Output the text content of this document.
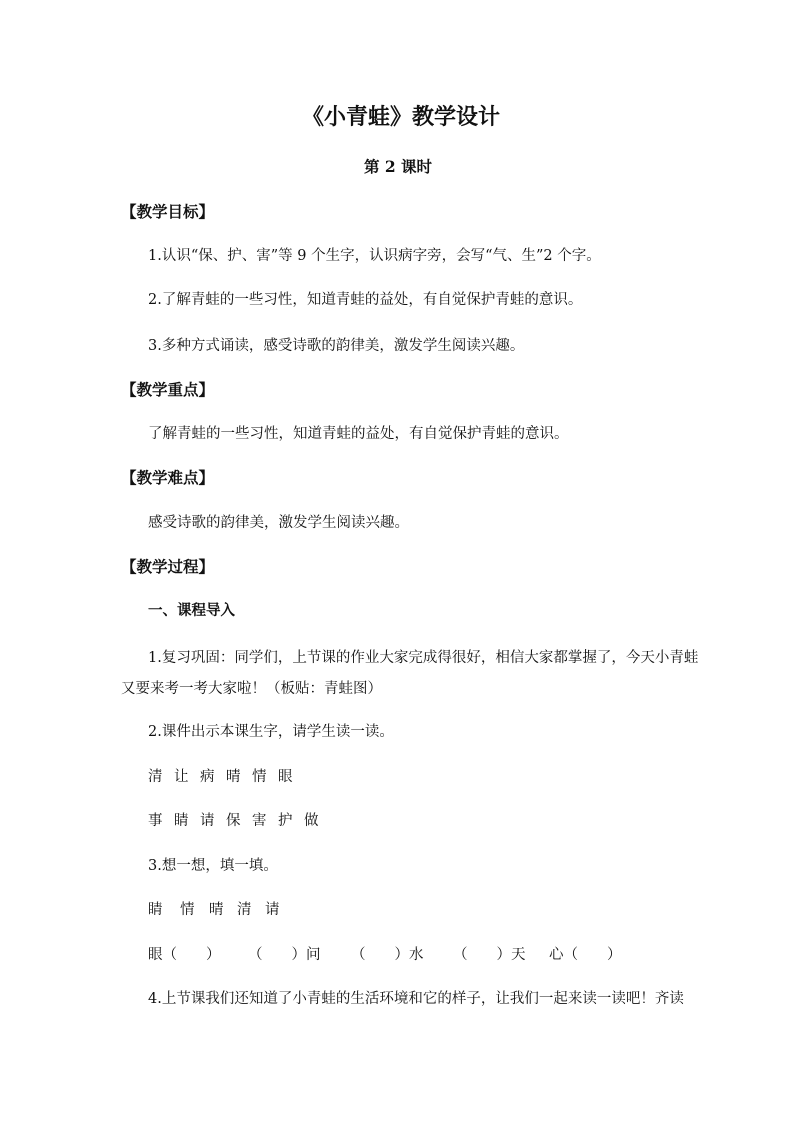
《小青蛙》教学设计
第 2 课时
【教学目标】
1.认识“保、护、害”等 9 个生字，认识病字旁，会写“气、生”2 个字。
2.了解青蛙的一些习性，知道青蛙的益处，有自觉保护青蛙的意识。
3.多种方式诵读，感受诗歌的韵律美，激发学生阅读兴趣。
【教学重点】
了解青蛙的一些习性，知道青蛙的益处，有自觉保护青蛙的意识。
【教学难点】
感受诗歌的韵律美，激发学生阅读兴趣。
【教学过程】
一、课程导入
1.复习巩固：同学们，上节课的作业大家完成得很好，相信大家都掌握了，今天小青蛙
又要来考一考大家啦！（板贴：青蛙图）
2.课件出示本课生字，请学生读一读。
清 让 病 晴 情 眼
事 睛 请 保 害 护 做
3.想一想，填一填。
睛 情 晴 清 请
眼（　　） （　　）问 （　　）水 （　　）天 心（　　）
4.上节课我们还知道了小青蛙的生活环境和它的样子，让我们一起来读一读吧！齐读
